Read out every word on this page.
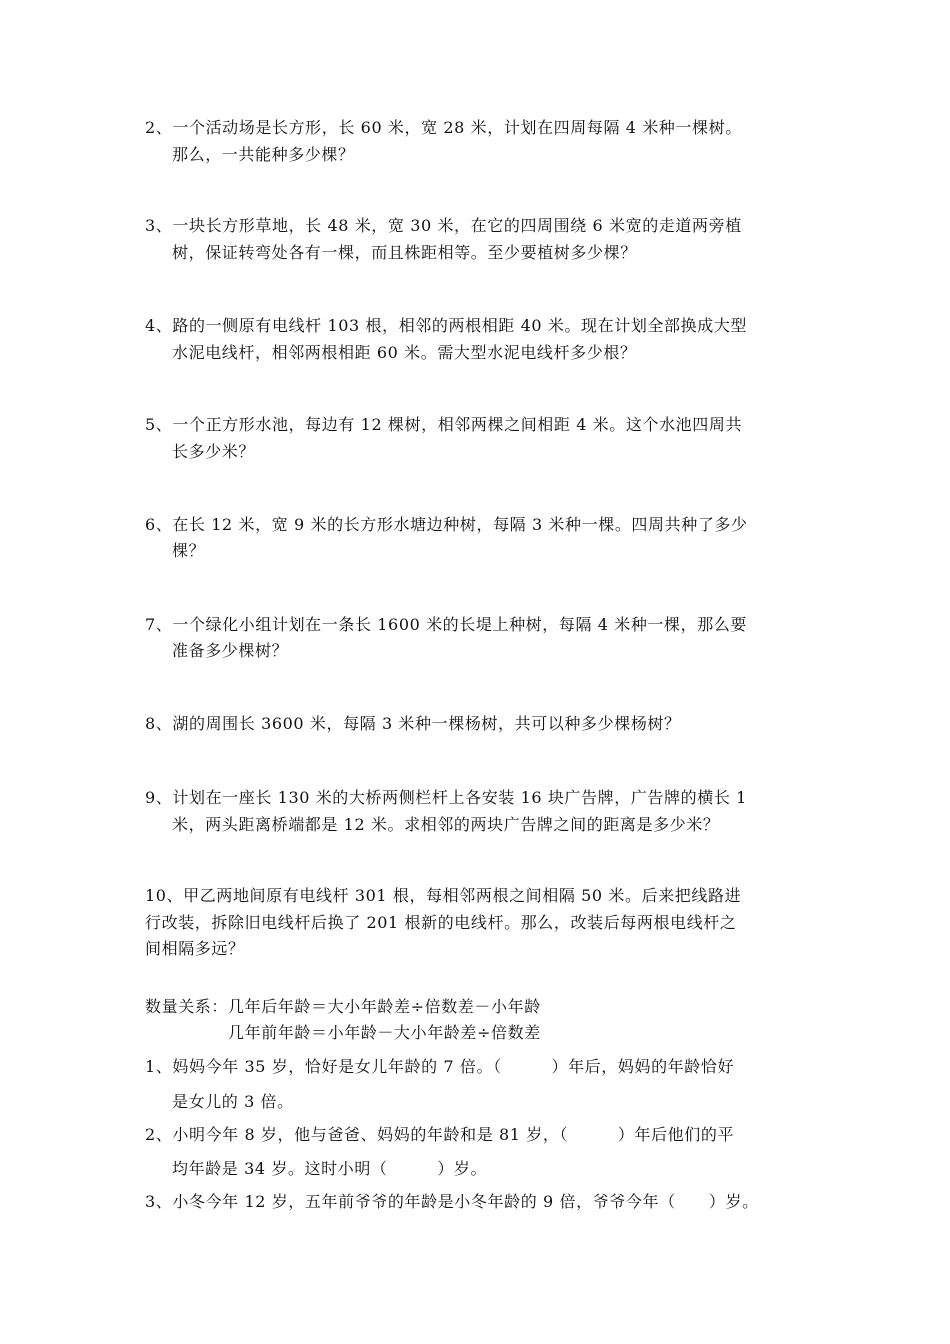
2、一个活动场是长方形，长 60 米，宽 28 米，计划在四周每隔 4 米种一棵树。
那么，一共能种多少棵？
3、一块长方形草地，长 48 米，宽 30 米，在它的四周围绕 6 米宽的走道两旁植
树，保证转弯处各有一棵，而且株距相等。至少要植树多少棵？
4、路的一侧原有电线杆 103 根，相邻的两根相距 40 米。现在计划全部换成大型
水泥电线杆，相邻两根相距 60 米。需大型水泥电线杆多少根？
5、一个正方形水池，每边有 12 棵树，相邻两棵之间相距 4 米。这个水池四周共
长多少米？
6、在长 12 米，宽 9 米的长方形水塘边种树，每隔 3 米种一棵。四周共种了多少
棵？
7、一个绿化小组计划在一条长 1600 米的长堤上种树，每隔 4 米种一棵，那么要
准备多少棵树？
8、湖的周围长 3600 米，每隔 3 米种一棵杨树，共可以种多少棵杨树？
9、计划在一座长 130 米的大桥两侧栏杆上各安装 16 块广告牌，广告牌的横长 1
米，两头距离桥端都是 12 米。求相邻的两块广告牌之间的距离是多少米？
10、甲乙两地间原有电线杆 301 根，每相邻两根之间相隔 50 米。后来把线路进
行改装，拆除旧电线杆后换了 201 根新的电线杆。那么，改装后每两根电线杆之
间相隔多远？
数量关系：几年后年龄＝大小年龄差÷倍数差－小年龄
几年前年龄＝小年龄－大小年龄差÷倍数差
1、妈妈今年 35 岁，恰好是女儿年龄的 7 倍。（　　　）年后，妈妈的年龄恰好
是女儿的 3 倍。
2、小明今年 8 岁，他与爸爸、妈妈的年龄和是 81 岁，（　　　）年后他们的平
均年龄是 34 岁。这时小明（　　　）岁。
3、小冬今年 12 岁，五年前爷爷的年龄是小冬年龄的 9 倍，爷爷今年（　　）岁。
